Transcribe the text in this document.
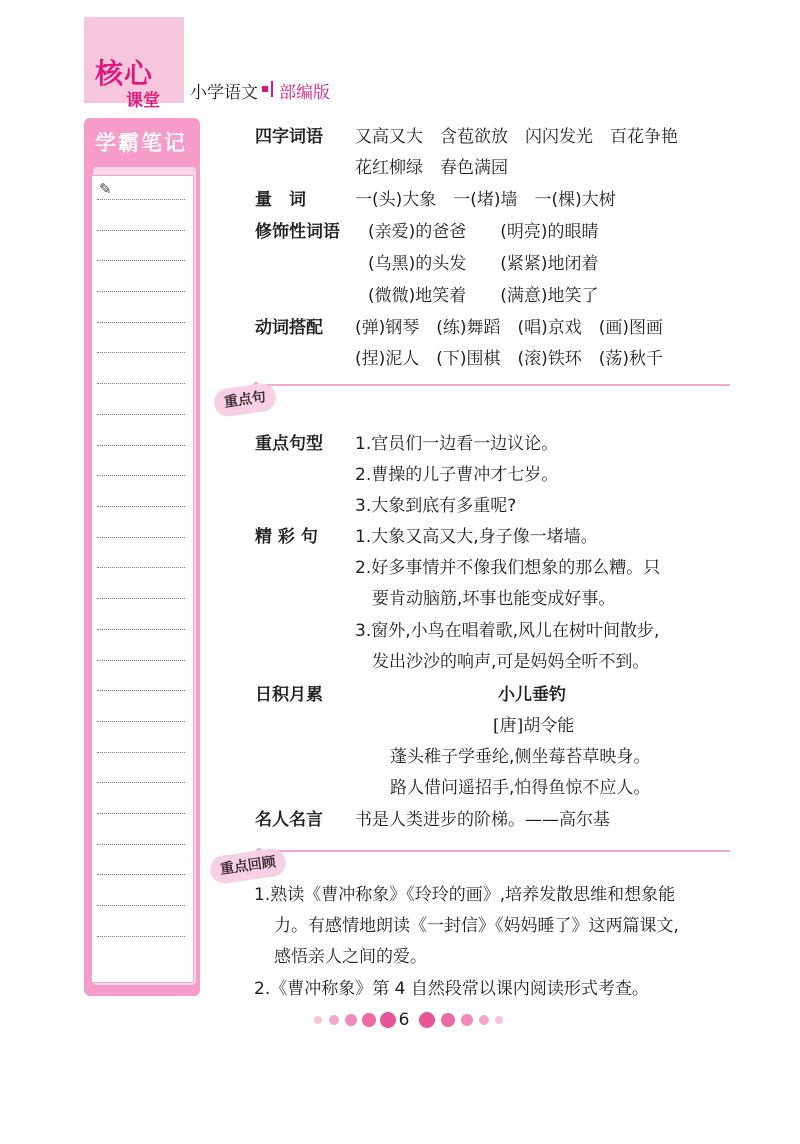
核心
课堂 小学语文 部编版
学霸笔记
✎
四字词语 又高又大　含苞欲放　闪闪发光　百花争艳
花红柳绿　春色满园
量　词	一(头)大象　一(堵)墙　一(棵)大树
修饰性词语 (亲爱)的爸爸　　(明亮)的眼睛
(乌黑)的头发　　(紧紧)地闭着
(微微)地笑着　　(满意)地笑了
动词搭配 (弹)钢琴　(练)舞蹈　(唱)京戏　(画)图画
(捏)泥人　(下)围棋　(滚)铁环　(荡)秋千
重点句
重点句型 1.官员们一边看一边议论。
2.曹操的儿子曹冲才七岁。
3.大象到底有多重呢?
精 彩 句 1.大象又高又大,身子像一堵墙。
2.好多事情并不像我们想象的那么糟。只
要肯动脑筋,坏事也能变成好事。
3.窗外,小鸟在唱着歌,风儿在树叶间散步,
发出沙沙的响声,可是妈妈全听不到。
日积月累	小儿垂钓
[唐]胡令能
蓬头稚子学垂纶,侧坐莓苔草映身。
路人借问遥招手,怕得鱼惊不应人。
名人名言 书是人类进步的阶梯。——高尔基
重点回顾
1.熟读《曹冲称象》《玲玲的画》,培养发散思维和想象能
力。有感情地朗读《一封信》《妈妈睡了》这两篇课文,
感悟亲人之间的爱。
2.《曹冲称象》第 4 自然段常以课内阅读形式考查。
6
